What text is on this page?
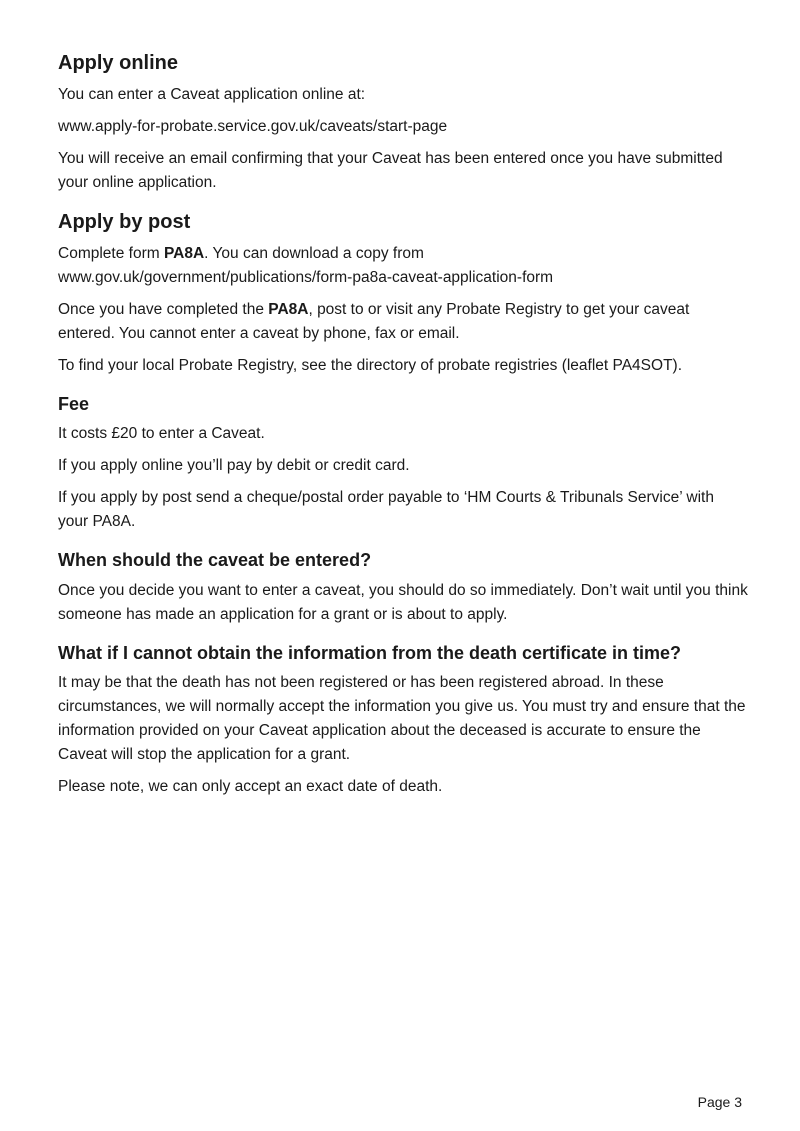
Apply online

You can enter a Caveat application online at:

www.apply-for-probate.service.gov.uk/caveats/start-page

You will receive an email confirming that your Caveat has been entered once you have submitted your online application.

Apply by post

Complete form PA8A. You can download a copy from
www.gov.uk/government/publications/form-pa8a-caveat-application-form

Once you have completed the PA8A, post to or visit any Probate Registry to get your caveat entered. You cannot enter a caveat by phone, fax or email.

To find your local Probate Registry, see the directory of probate registries (leaflet PA4SOT).

Fee

It costs £20 to enter a Caveat.

If you apply online you’ll pay by debit or credit card.

If you apply by post send a cheque/postal order payable to ‘HM Courts & Tribunals Service’ with your PA8A.

When should the caveat be entered?

Once you decide you want to enter a caveat, you should do so immediately. Don’t wait until you think someone has made an application for a grant or is about to apply.

What if I cannot obtain the information from the death certificate in time?

It may be that the death has not been registered or has been registered abroad. In these circumstances, we will normally accept the information you give us. You must try and ensure that the information provided on your Caveat application about the deceased is accurate to ensure the Caveat will stop the application for a grant.

Please note, we can only accept an exact date of death.

Page 3
